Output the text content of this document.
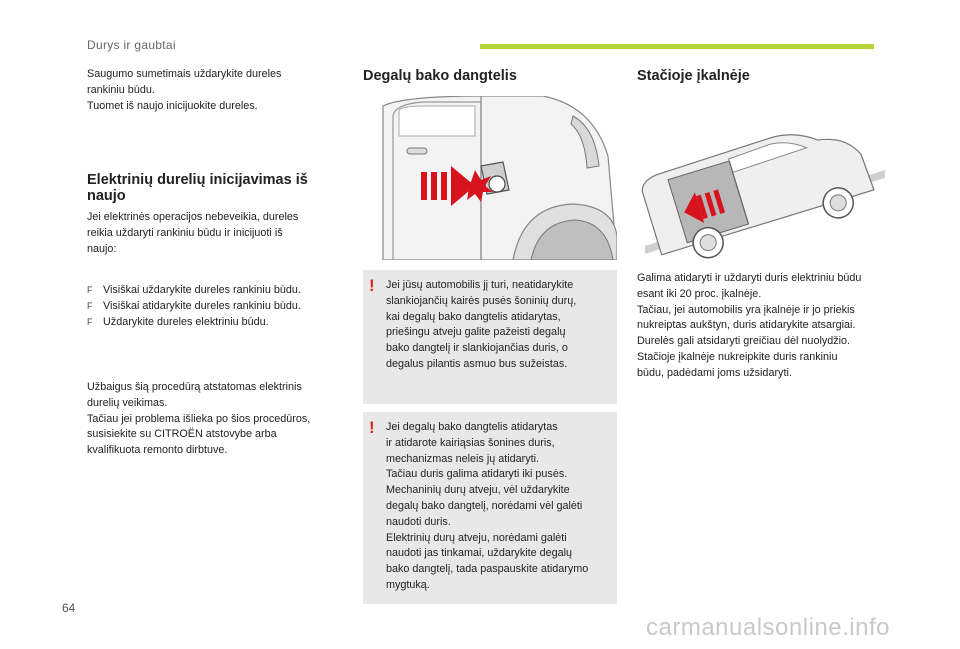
Durys ir gaubtai
Saugumo sumetimais uždarykite dureles
rankiniu būdu.
Tuomet iš naujo inicijuokite dureles.
Elektrinių durelių inicijavimas iš
naujo
Jei elektrinės operacijos nebeveikia, dureles
reikia uždaryti rankiniu būdu ir inicijuoti iš
naujo:
F Visiškai uždarykite dureles rankiniu būdu.
F Visiškai atidarykite dureles rankiniu būdu.
F Uždarykite dureles elektriniu būdu.
Užbaigus šią procedūrą atstatomas elektrinis
durelių veikimas.
Tačiau jei problema išlieka po šios procedūros,
susisiekite su CITROËN atstovybe arba
kvalifikuota remonto dirbtuve.
Degalų bako dangtelis
! Jei jūsų automobilis jį turi, neatidarykite
slankiojančių kairės pusės šoninių durų,
kai degalų bako dangtelis atidarytas,
priešingu atveju galite pažeisti degalų
bako dangtelį ir slankiojančias duris, o
degalus pilantis asmuo bus sužeistas.
! Jei degalų bako dangtelis atidarytas
ir atidarote kairiąsias šonines duris,
mechanizmas neleis jų atidaryti.
Tačiau duris galima atidaryti iki pusės.
Mechaninių durų atveju, vėl uždarykite
degalų bako dangtelį, norėdami vėl galėti
naudoti duris.
Elektrinių durų atveju, norėdami galėti
naudoti jas tinkamai, uždarykite degalų
bako dangtelį, tada paspauskite atidarymo
mygtuką.
Stačioje įkalnėje
Galima atidaryti ir uždaryti duris elektriniu būdu
esant iki 20 proc. įkalnėje.
Tačiau, jei automobilis yra įkalnėje ir jo priekis
nukreiptas aukštyn, duris atidarykite atsargiai.
Durelės gali atsidaryti greičiau dėl nuolydžio.
Stačioje įkalnėje nukreipkite duris rankiniu
būdu, padėdami joms užsidaryti.
64
carmanualsonline.info
